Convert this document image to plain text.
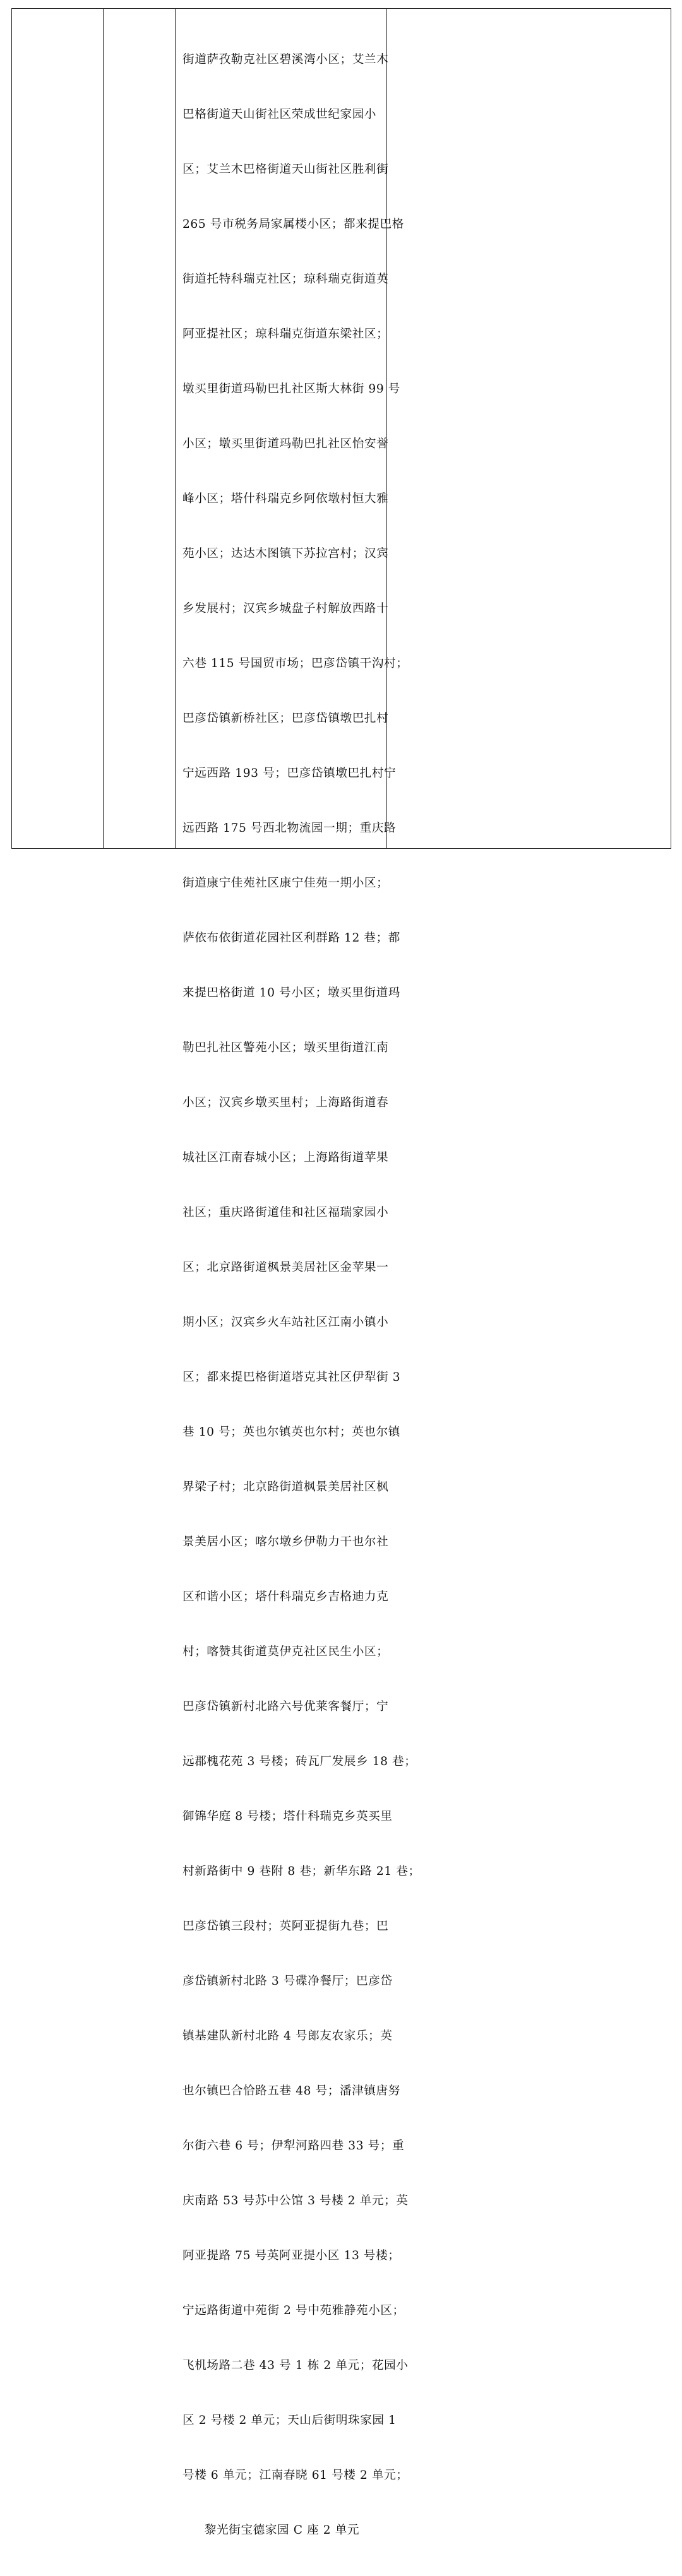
街道萨孜勒克社区碧溪湾小区；艾兰木

巴格街道天山街社区荣成世纪家园小

区；艾兰木巴格街道天山街社区胜利街

265 号市税务局家属楼小区；都来提巴格

街道托特科瑞克社区；琼科瑞克街道英

阿亚提社区；琼科瑞克街道东梁社区；

墩买里街道玛勒巴扎社区斯大林街 99 号

小区；墩买里街道玛勒巴扎社区怡安誉

峰小区；塔什科瑞克乡阿依墩村恒大雅

苑小区；达达木图镇下苏拉宫村；汉宾

乡发展村；汉宾乡城盘子村解放西路十

六巷 115 号国贸市场；巴彦岱镇干沟村；

巴彦岱镇新桥社区；巴彦岱镇墩巴扎村

宁远西路 193 号；巴彦岱镇墩巴扎村宁

远西路 175 号西北物流园一期；重庆路

街道康宁佳苑社区康宁佳苑一期小区；

萨依布依街道花园社区利群路 12 巷；都

来提巴格街道 10 号小区；墩买里街道玛

勒巴扎社区警苑小区；墩买里街道江南

小区；汉宾乡墩买里村；上海路街道春

城社区江南春城小区；上海路街道苹果

社区；重庆路街道佳和社区福瑞家园小

区；北京路街道枫景美居社区金苹果一

期小区；汉宾乡火车站社区江南小镇小

区；都来提巴格街道塔克其社区伊犁街 3

巷 10 号；英也尔镇英也尔村；英也尔镇

界梁子村；北京路街道枫景美居社区枫

景美居小区；喀尔墩乡伊勒力干也尔社

区和谐小区；塔什科瑞克乡吉格迪力克

村；喀赞其街道莫伊克社区民生小区；

巴彦岱镇新村北路六号优莱客餐厅；宁

远郡槐花苑 3 号楼；砖瓦厂发展乡 18 巷；

御锦华庭 8 号楼；塔什科瑞克乡英买里

村新路街中 9 巷附 8 巷；新华东路 21 巷；

巴彦岱镇三段村；英阿亚提街九巷；巴

彦岱镇新村北路 3 号碟净餐厅；巴彦岱

镇基建队新村北路 4 号郎友农家乐；英

也尔镇巴合恰路五巷 48 号；潘津镇唐努

尔街六巷 6 号；伊犁河路四巷 33 号；重

庆南路 53 号苏中公馆 3 号楼 2 单元；英

阿亚提路 75 号英阿亚提小区 13 号楼；

宁远路街道中苑街 2 号中苑雅静苑小区；

飞机场路二巷 43 号 1 栋 2 单元；花园小

区 2 号楼 2 单元；天山后街明珠家园 1

号楼 6 单元；江南春晓 61 号楼 2 单元；

黎光街宝德家园 C 座 2 单元
